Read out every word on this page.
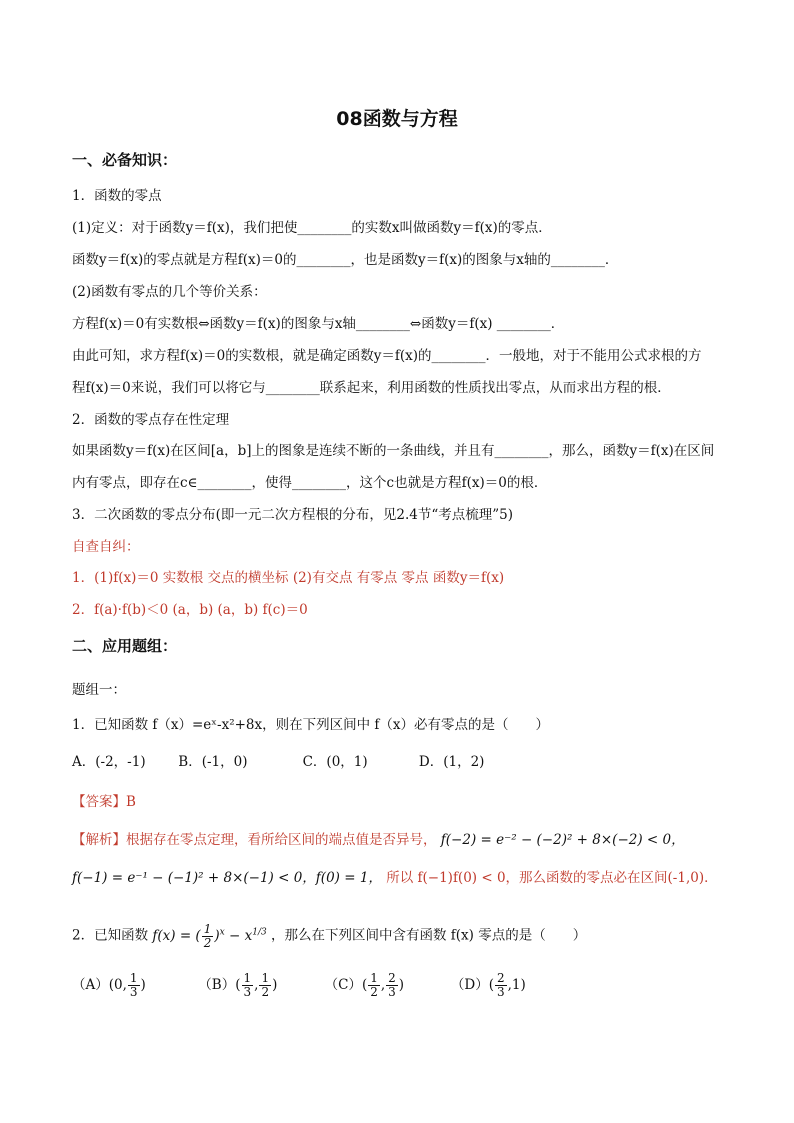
08函数与方程
一、必备知识：
1．函数的零点
(1)定义：对于函数y＝f(x)，我们把使________的实数x叫做函数y＝f(x)的零点．
函数y＝f(x)的零点就是方程f(x)＝0的________，也是函数y＝f(x)的图象与x轴的________．
(2)函数有零点的几个等价关系：
方程f(x)＝0有实数根⇔函数y＝f(x)的图象与x轴________⇔函数y＝f(x) ________．
由此可知，求方程f(x)＝0的实数根，就是确定函数y＝f(x)的________．一般地，对于不能用公式求根的方
程f(x)＝0来说，我们可以将它与________联系起来，利用函数的性质找出零点，从而求出方程的根．
2．函数的零点存在性定理
如果函数y＝f(x)在区间[a，b]上的图象是连续不断的一条曲线，并且有________，那么，函数y＝f(x)在区间
内有零点，即存在c∈________，使得________，这个c也就是方程f(x)＝0的根．
3．二次函数的零点分布(即一元二次方程根的分布，见2.4节“考点梳理”5)
自查自纠：
1．(1)f(x)＝0 实数根 交点的横坐标 (2)有交点 有零点 零点 函数y＝f(x)
2．f(a)·f(b)＜0 (a，b) (a，b) f(c)＝0
二、应用题组：
题组一：
1．已知函数 f（x）=eˣ-x²+8x，则在下列区间中 f（x）必有零点的是（　　）
A．(-2，-1) B．(-1，0)	C．(0，1)	D．(1，2)
【答案】B
【解析】根据存在零点定理，看所给区间的端点值是否异号， f(−2) = e⁻² − (−2)² + 8×(−2) < 0，
f(−1) = e⁻¹ − (−1)² + 8×(−1) < 0，f(0) = 1， 所以 f(−1)f(0) < 0，那么函数的零点必在区间(-1,0)．
2．已知函数 f(x) = ( $\frac{1}{2} )^x - x^{1/3}$ ，那么在下列区间中含有函数 f(x) 零点的是（　　）
（A）(0, $\frac{1}{3}$ )	$(B)( \frac{1}{3}$ , $\frac{1}{2}$ )	$(C)( \frac{1}{2}$ , $\frac{2}{3}$ )	$(D)( \frac{2}{3} ,1)$
